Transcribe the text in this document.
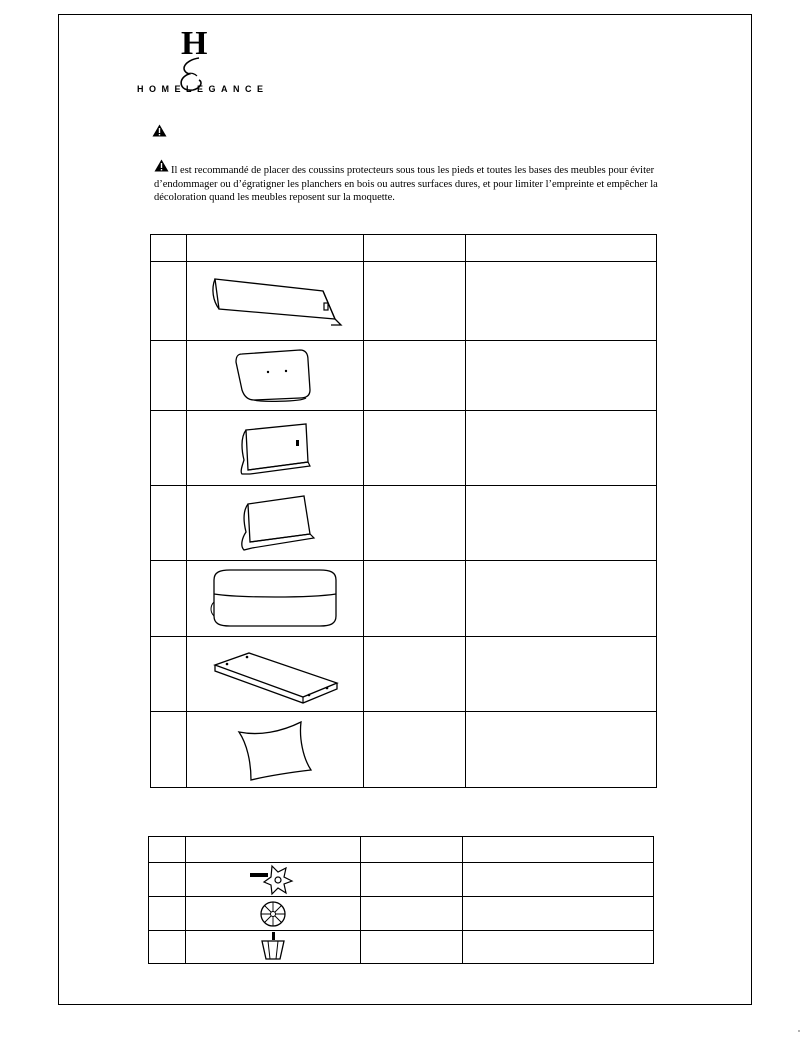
H
HOMELEGANCE
Il est recommandé de placer des coussins protecteurs sous tous les pieds et toutes les bases des meubles pour éviter d’endommager ou d’égratigner les planchers en bois ou autres surfaces dures, et pour limiter l’empreinte et empêcher la décoloration quand les meubles reposent sur la moquette.
